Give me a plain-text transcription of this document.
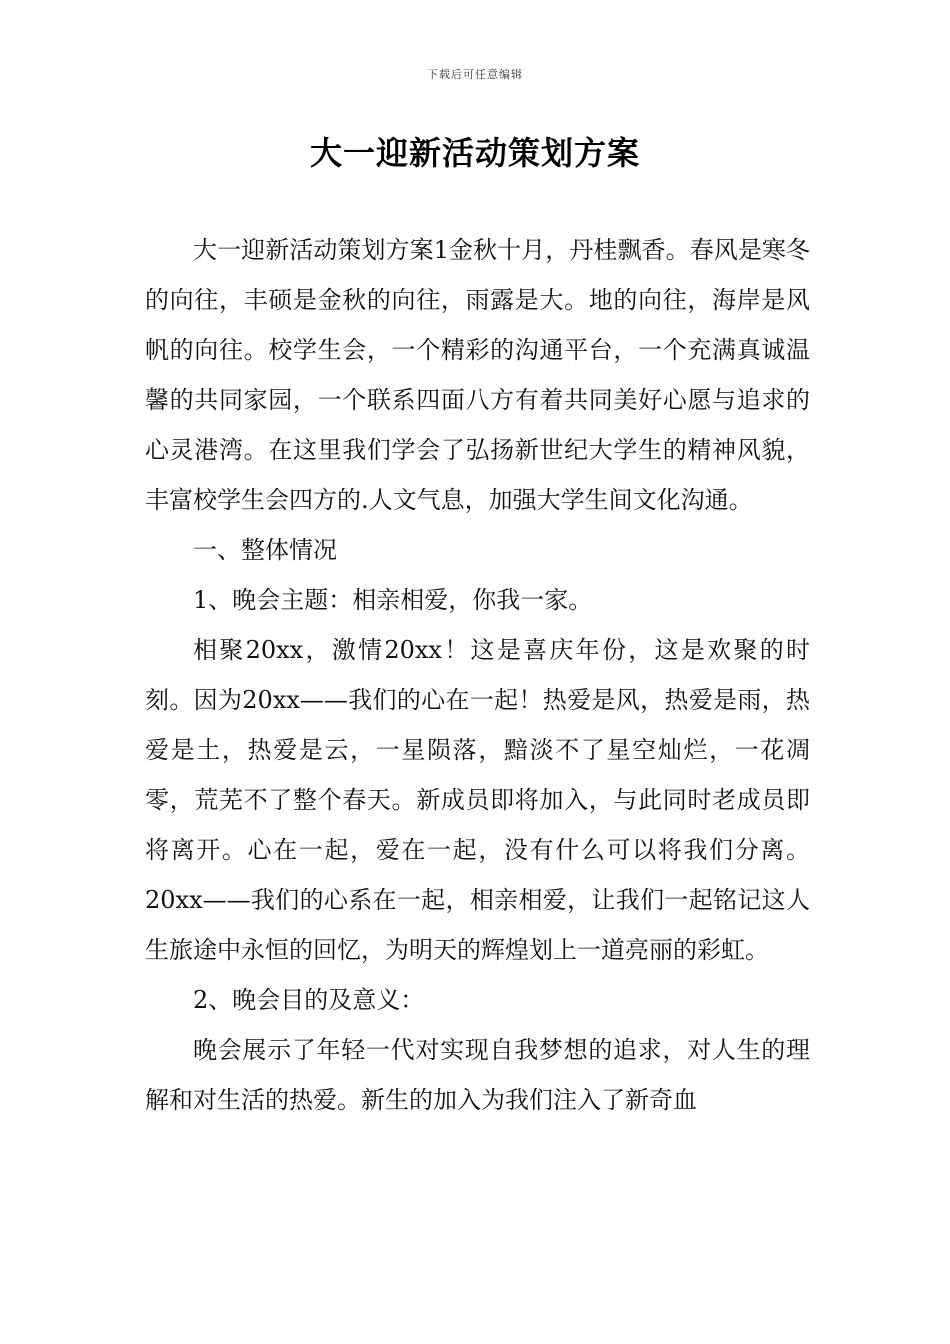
下载后可任意编辑
大一迎新活动策划方案

大一迎新活动策划方案1金秋十月，丹桂飘香。春风是寒冬的向往，丰硕是金秋的向往，雨露是大。地的向往，海岸是风帆的向往。校学生会，一个精彩的沟通平台，一个充满真诚温馨的共同家园，一个联系四面八方有着共同美好心愿与追求的心灵港湾。在这里我们学会了弘扬新世纪大学生的精神风貌，丰富校学生会四方的.人文气息，加强大学生间文化沟通。

一、整体情况

1、晚会主题：相亲相爱，你我一家。

相聚20xx，激情20xx！这是喜庆年份，这是欢聚的时刻。因为20xx——我们的心在一起！热爱是风，热爱是雨，热爱是土，热爱是云，一星陨落，黯淡不了星空灿烂，一花凋零，荒芜不了整个春天。新成员即将加入，与此同时老成员即将离开。心在一起，爱在一起，没有什么可以将我们分离。20xx——我们的心系在一起，相亲相爱，让我们一起铭记这人生旅途中永恒的回忆，为明天的辉煌划上一道亮丽的彩虹。

2、晚会目的及意义：

晚会展示了年轻一代对实现自我梦想的追求，对人生的理解和对生活的热爱。新生的加入为我们注入了新奇血
